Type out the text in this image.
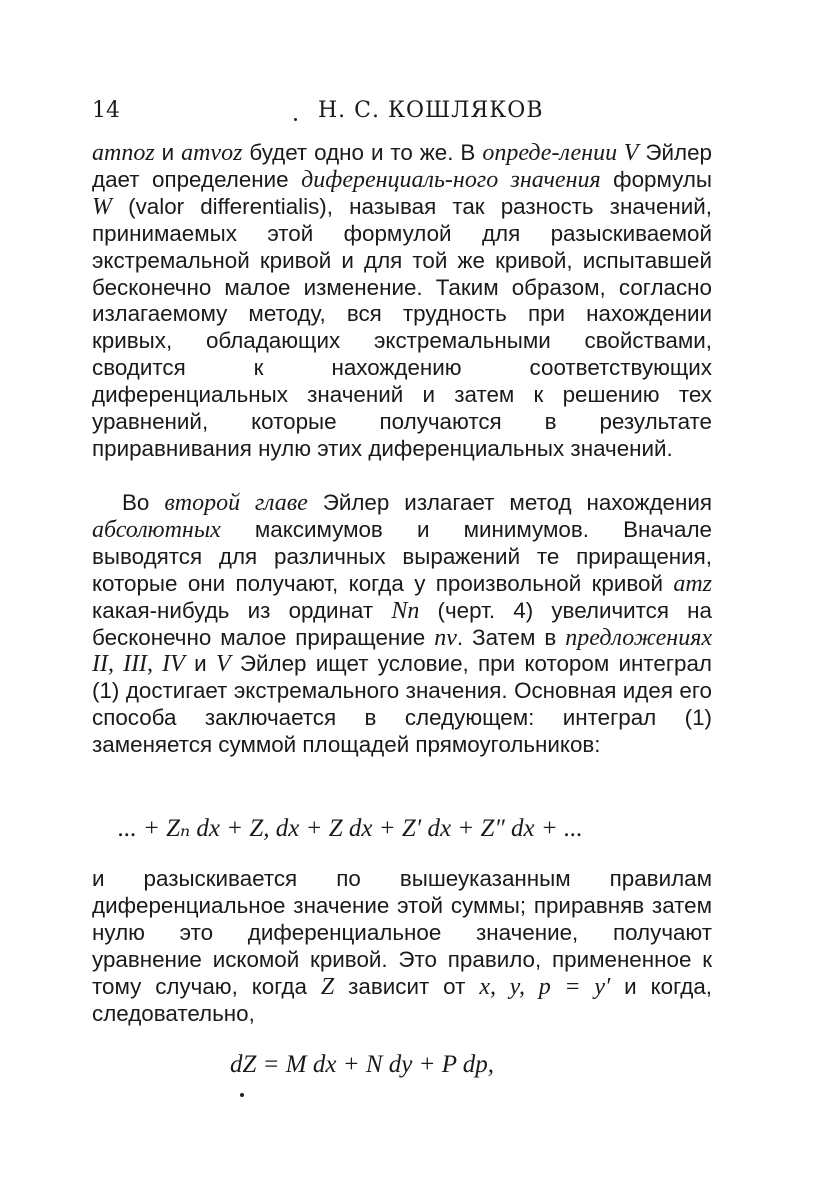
14	Н. С. КОШЛЯКОВ

amnoz и amνoz будет одно и то же. В опреде-лении V Эйлер дает определение диференциаль-ного значения формулы W (valor differentialis), называя так разность значений, принимаемых этой формулой для разыскиваемой экстремальной кривой и для той же кривой, испытавшей бесконечно малое изменение. Таким образом, согласно излагаемому методу, вся трудность при нахождении кривых, обладающих экстремальными свойствами, сводится к нахождению соответствующих диференциальных значений и затем к решению тех уравнений, которые получаются в результате приравнивания нулю этих диференциальных значений.

Во второй главе Эйлер излагает метод нахождения абсолютных максимумов и минимумов. Вначале выводятся для различных выражений те приращения, которые они получают, когда у произвольной кривой amz какая-нибудь из ординат Nn (черт. 4) увеличится на бесконечно малое приращение nν. Затем в предложениях II, III, IV и V Эйлер ищет условие, при котором интеграл (1) достигает экстремального значения. Основная идея его способа заключается в следующем: интеграл (1) заменяется суммой площадей прямоугольников:

... + Zₙ dx + Z, dx + Z dx + Z′ dx + Z″ dx + ...

и разыскивается по вышеуказанным правилам диференциальное значение этой суммы; приравняв затем нулю это диференциальное значение, получают уравнение искомой кривой. Это правило, примененное к тому случаю, когда Z зависит от x, y, p = y′ и когда, следовательно,

dZ = M dx + N dy + P dp,
